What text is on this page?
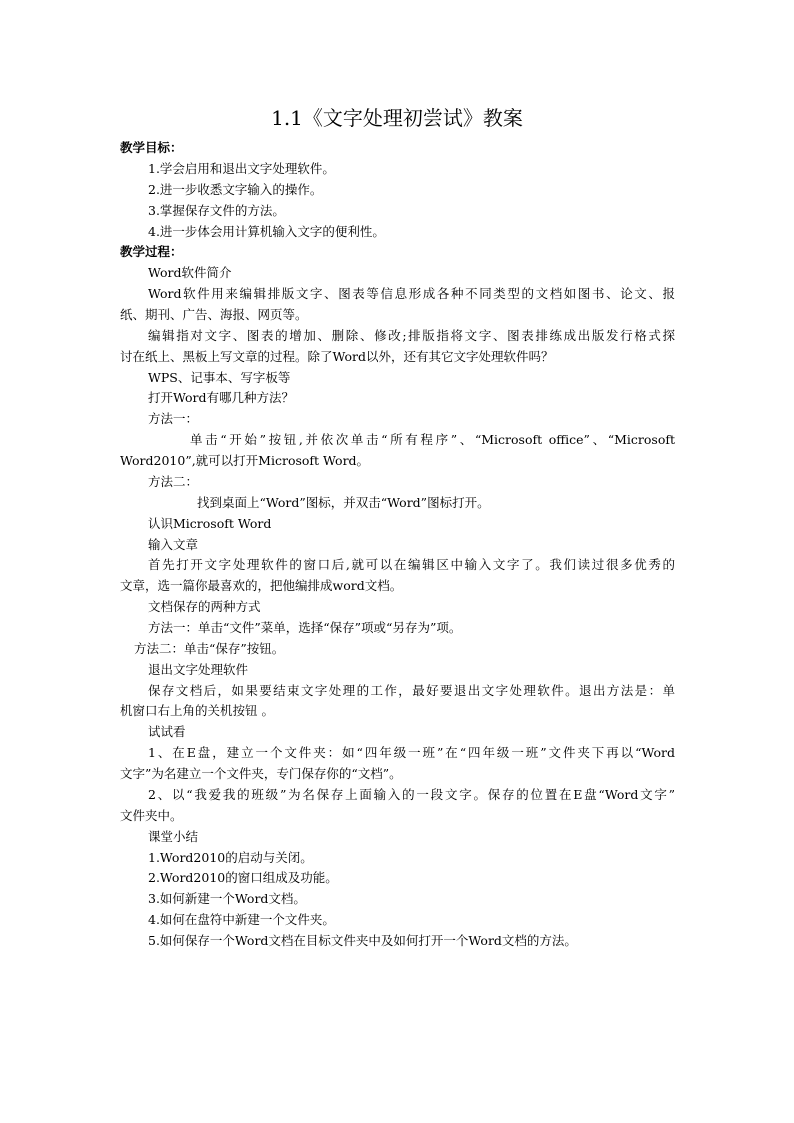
1.1《文字处理初尝试》教案
教学目标：
1.学会启用和退出文字处理软件。
2.进一步收悉文字输入的操作。
3.掌握保存文件的方法。
4.进一步体会用计算机输入文字的便利性。
教学过程：
Word软件简介
Word软件用来编辑排版文字、图表等信息形成各种不同类型的文档如图书、论文、报
纸、期刊、广告、海报、网页等。
编辑指对文字、图表的增加、删除、修改;排版指将文字、图表排练成出版发行格式探
讨在纸上、黑板上写文章的过程。除了Word以外，还有其它文字处理软件吗？
WPS、记事本、写字板等
打开Word有哪几种方法？
方法一：
单击“开始”按钮,并依次单击“所有程序”、“Microsoft office”、“Microsoft
Word2010”,就可以打开Microsoft Word。
方法二：
找到桌面上“Word”图标，并双击“Word”图标打开。
认识Microsoft Word
输入文章
首先打开文字处理软件的窗口后,就可以在编辑区中输入文字了。我们读过很多优秀的
文章，选一篇你最喜欢的，把他编排成word文档。
文档保存的两种方式
方法一：单击“文件”菜单，选择“保存”项或“另存为”项。
方法二：单击“保存”按钮。
退出文字处理软件
保存文档后，如果要结束文字处理的工作，最好要退出文字处理软件。退出方法是：单
机窗口右上角的关机按钮 。
试试看
1、在E盘，建立一个文件夹：如“四年级一班”在“四年级一班”文件夹下再以“Word
文字”为名建立一个文件夹，专门保存你的“文档”。
2、以“我爱我的班级”为名保存上面输入的一段文字。保存的位置在E盘“Word文字”
文件夹中。
课堂小结
1.Word2010的启动与关闭。
2.Word2010的窗口组成及功能。
3.如何新建一个Word文档。
4.如何在盘符中新建一个文件夹。
5.如何保存一个Word文档在目标文件夹中及如何打开一个Word文档的方法。
